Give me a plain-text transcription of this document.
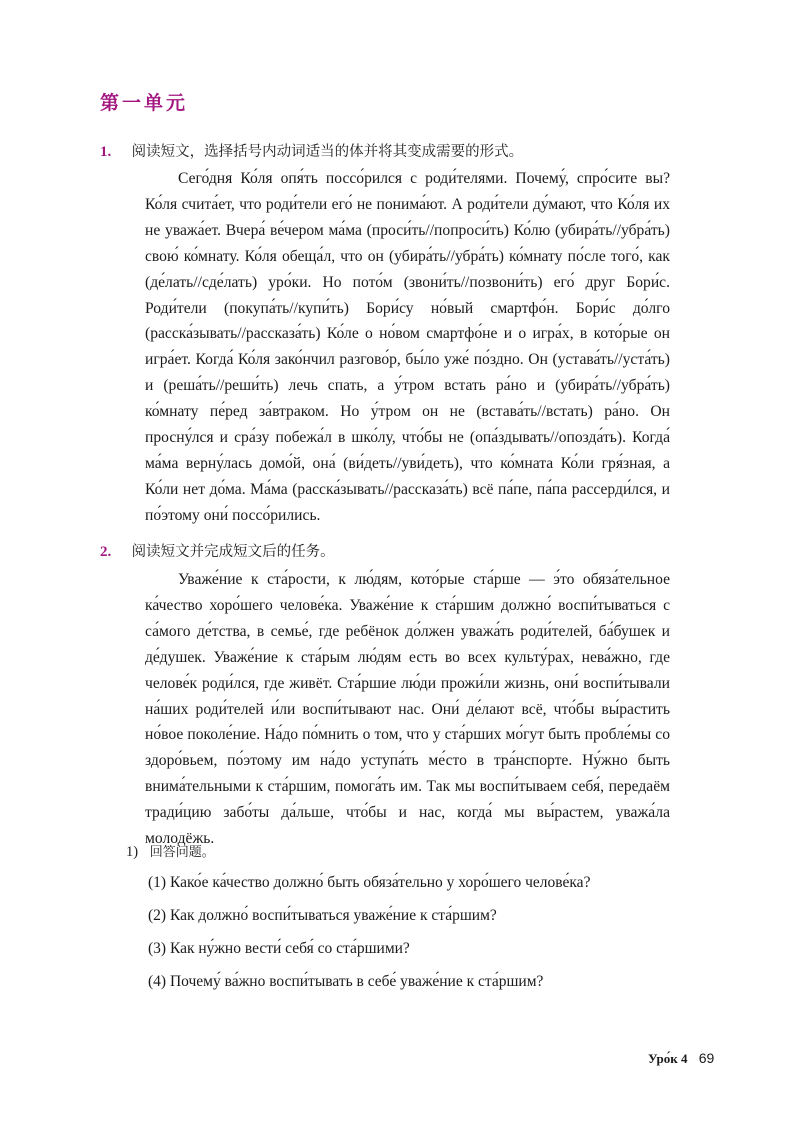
第一单元
1. 阅读短文，选择括号内动词适当的体并将其变成需要的形式。

Сего́дня Ко́ля опя́ть поссо́рился с роди́телями. Почему́, спро́сите вы? Ко́ля счита́ет, что роди́тели его́ не понима́ют. А роди́тели ду́мают, что Ко́ля их не уважа́ет. Вчера́ ве́чером ма́ма (проси́ть//попроси́ть) Ко́лю (убира́ть//убра́ть) свою́ ко́мнату. Ко́ля обеща́л, что он (убира́ть//убра́ть) ко́мнату по́сле того́, как (де́лать//сде́лать) уро́ки. Но пото́м (звони́ть//позвони́ть) его́ друг Бори́с. Роди́тели (покупа́ть//купи́ть) Бори́су но́вый смартфо́н. Бори́с до́лго (расска́зывать//рассказа́ть) Ко́ле о но́вом смартфо́не и о игра́х, в кото́рые он игра́ет. Когда́ Ко́ля зако́нчил разгово́р, бы́ло уже́ по́здно. Он (устава́ть//уста́ть) и (реша́ть//реши́ть) лечь спать, а у́тром встать ра́но и (убира́ть//убра́ть) ко́мнату пе́ред за́втраком. Но у́тром он не (встава́ть//встать) ра́но. Он просну́лся и сра́зу побежа́л в шко́лу, что́бы не (опа́здывать//опозда́ть). Когда́ ма́ма верну́лась домо́й, она́ (ви́деть//уви́деть), что ко́мната Ко́ли гря́зная, а Ко́ли нет до́ма. Ма́ма (расска́зывать//рассказа́ть) всё па́пе, па́па рассерди́лся, и по́этому они́ поссо́рились.

2. 阅读短文并完成短文后的任务。

Уваже́ние к ста́рости, к лю́дям, кото́рые ста́рше — э́то обяза́тельное ка́чество хоро́шего челове́ка. Уваже́ние к ста́ршим должно́ воспи́тываться с са́мого де́тства, в семье́, где ребёнок до́лжен уважа́ть роди́телей, ба́бушек и де́душек. Уваже́ние к ста́рым лю́дям есть во всех культу́рах, нева́жно, где челове́к роди́лся, где живёт. Ста́ршие лю́ди прожи́ли жизнь, они́ воспи́тывали на́ших роди́телей и́ли воспи́тывают нас. Они́ де́лают всё, что́бы вы́растить но́вое поколе́ние. На́до по́мнить о том, что у ста́рших мо́гут быть пробле́мы со здоро́вьем, по́этому им на́до уступа́ть ме́сто в тра́нспорте. Ну́жно быть внима́тельными к ста́ршим, помога́ть им. Так мы воспи́тываем себя́, передаём тради́цию забо́ты да́льше, что́бы и нас, когда́ мы вы́растем, уважа́ла молодёжь.

1) 回答问题。
(1) Како́е ка́чество должно́ быть обяза́тельно у хоро́шего челове́ка?
(2) Как должно́ воспи́тываться уваже́ние к ста́ршим?
(3) Как ну́жно вести́ себя́ со ста́ршими?
(4) Почему́ ва́жно воспи́тывать в себе́ уваже́ние к ста́ршим?
Уро́к 4 69
